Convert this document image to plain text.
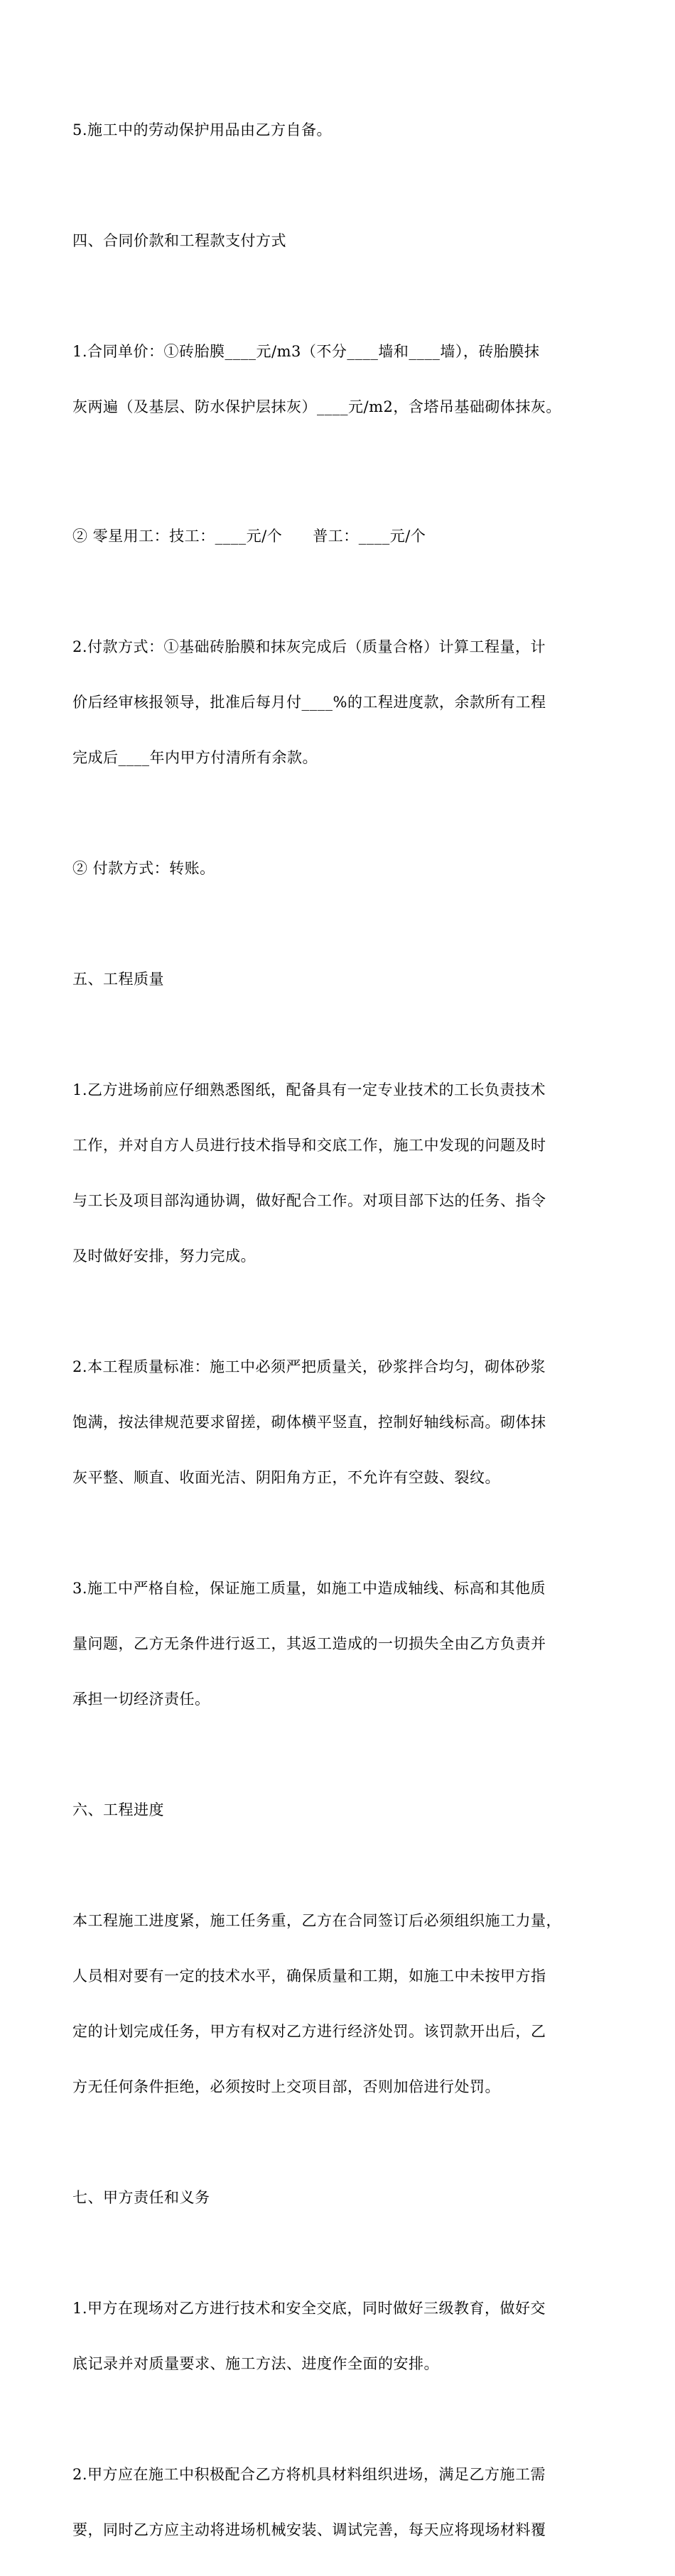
5.施工中的劳动保护用品由乙方自备。

四、合同价款和工程款支付方式

1.合同单价：①砖胎膜____元/m3（不分____墙和____墙），砖胎膜抹

灰两遍（及基层、防水保护层抹灰）____元/m2，含塔吊基础砌体抹灰。

② 零星用工：技工：____元/个      普工：____元/个

2.付款方式：①基础砖胎膜和抹灰完成后（质量合格）计算工程量，计

价后经审核报领导，批准后每月付____%的工程进度款，余款所有工程

完成后____年内甲方付清所有余款。

② 付款方式：转账。

五、工程质量

1.乙方进场前应仔细熟悉图纸，配备具有一定专业技术的工长负责技术

工作，并对自方人员进行技术指导和交底工作，施工中发现的问题及时

与工长及项目部沟通协调，做好配合工作。对项目部下达的任务、指令

及时做好安排，努力完成。

2.本工程质量标准：施工中必须严把质量关，砂浆拌合均匀，砌体砂浆

饱满，按法律规范要求留搓，砌体横平竖直，控制好轴线标高。砌体抹

灰平整、顺直、收面光洁、阴阳角方正，不允许有空鼓、裂纹。

3.施工中严格自检，保证施工质量，如施工中造成轴线、标高和其他质

量问题，乙方无条件进行返工，其返工造成的一切损失全由乙方负责并

承担一切经济责任。

六、工程进度

本工程施工进度紧，施工任务重，乙方在合同签订后必须组织施工力量，

人员相对要有一定的技术水平，确保质量和工期，如施工中未按甲方指

定的计划完成任务，甲方有权对乙方进行经济处罚。该罚款开出后，乙

方无任何条件拒绝，必须按时上交项目部，否则加倍进行处罚。

七、甲方责任和义务

1.甲方在现场对乙方进行技术和安全交底，同时做好三级教育，做好交

底记录并对质量要求、施工方法、进度作全面的安排。

2.甲方应在施工中积极配合乙方将机具材料组织进场，满足乙方施工需

要，同时乙方应主动将进场机械安装、调试完善，每天应将现场材料覆
